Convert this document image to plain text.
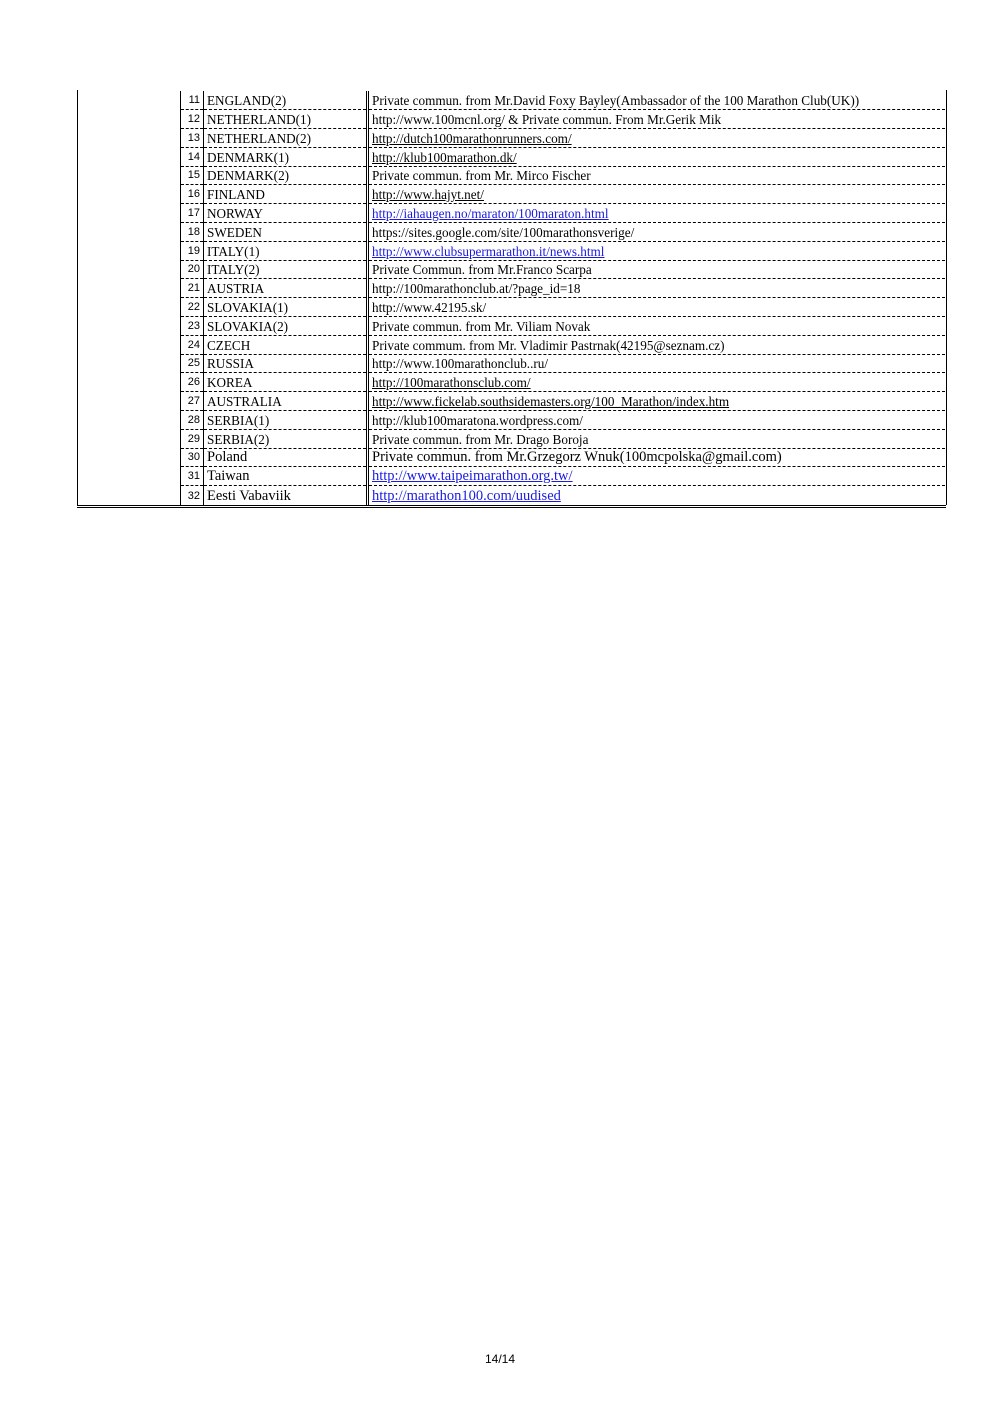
11	ENGLAND(2)	Private commun. from Mr.David Foxy Bayley(Ambassador of the 100 Marathon Club(UK))
12	NETHERLAND(1)	http://www.100mcnl.org/ & Private commun. From Mr.Gerik Mik
13	NETHERLAND(2)	http://dutch100marathonrunners.com/
14	DENMARK(1)	http://klub100marathon.dk/
15	DENMARK(2)	Private commun. from Mr. Mirco Fischer
16	FINLAND	http://www.hajyt.net/
17	NORWAY	http://iahaugen.no/maraton/100maraton.html
18	SWEDEN	https://sites.google.com/site/100marathonsverige/
19	ITALY(1)	http://www.clubsupermarathon.it/news.html
20	ITALY(2)	Private Commun. from Mr.Franco Scarpa
21	AUSTRIA	http://100marathonclub.at/?page_id=18
22	SLOVAKIA(1)	http://www.42195.sk/
23	SLOVAKIA(2)	Private commun. from Mr. Viliam Novak
24	CZECH	Private commum. from Mr. Vladimir Pastrnak(42195@seznam.cz)
25	RUSSIA	http://www.100marathonclub..ru/
26	KOREA	http://100marathonsclub.com/
27	AUSTRALIA	http://www.fickelab.southsidemasters.org/100_Marathon/index.htm
28	SERBIA(1)	http://klub100maratona.wordpress.com/
29	SERBIA(2)	Private commun. from Mr. Drago Boroja
30	Poland	Private commun. from Mr.Grzegorz Wnuk(100mcpolska@gmail.com)
31	Taiwan	http://www.taipeimarathon.org.tw/
32	Eesti Vabaviik	http://marathon100.com/uudised
14/14
